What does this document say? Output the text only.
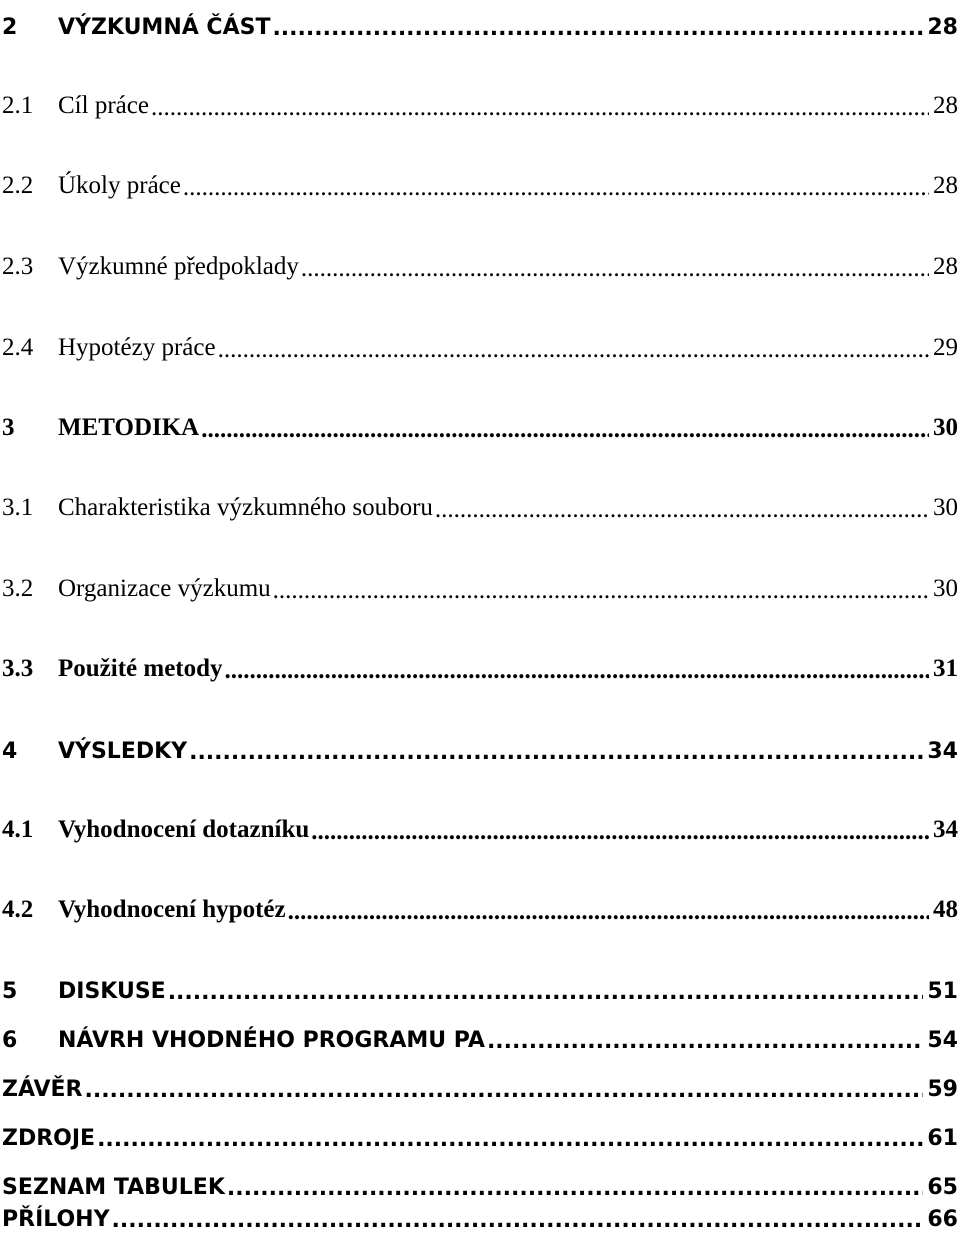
2	VÝZKUMNÁ ČÁST .....	28
2.1 Cíl práce .....	28
2.2 Úkoly práce .....	28
2.3 Výzkumné předpoklady .....	28
2.4 Hypotézy práce .....	29
3	METODIKA .....	30
3.1 Charakteristika výzkumného souboru .....	30
3.2 Organizace výzkumu .....	30
3.3 Použité metody .....	31
4	VÝSLEDKY .....	34
4.1 Vyhodnocení dotazníku .....	34
4.2 Vyhodnocení hypotéz .....	48
5	DISKUSE .....	51
6	NÁVRH VHODNÉHO PROGRAMU PA .....	54
ZÁVĚR .....	59
ZDROJE .....	61
SEZNAM TABULEK .....	65
PŘÍLOHY .....	66
